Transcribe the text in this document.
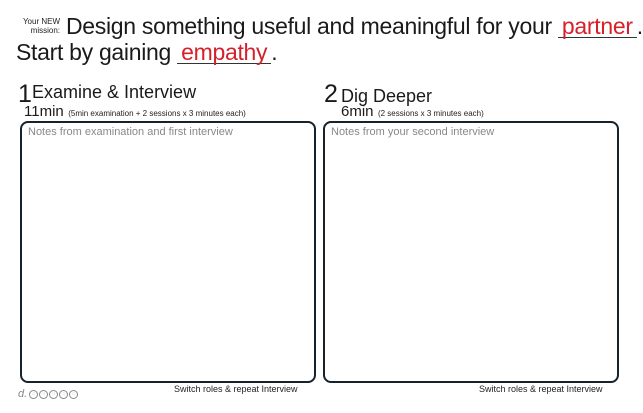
Your NEW mission: Design something useful and meaningful for your partner .
Start by gaining empathy .
1 Examine & Interview
11min (5min examination + 2 sessions x 3 minutes each)
Notes from examination and first interview
Switch roles & repeat Interview
2 Dig Deeper
6min (2 sessions x 3 minutes each)
Notes from your second interview
Switch roles & repeat Interview
d.	◌	◌	◌	◌	◌
